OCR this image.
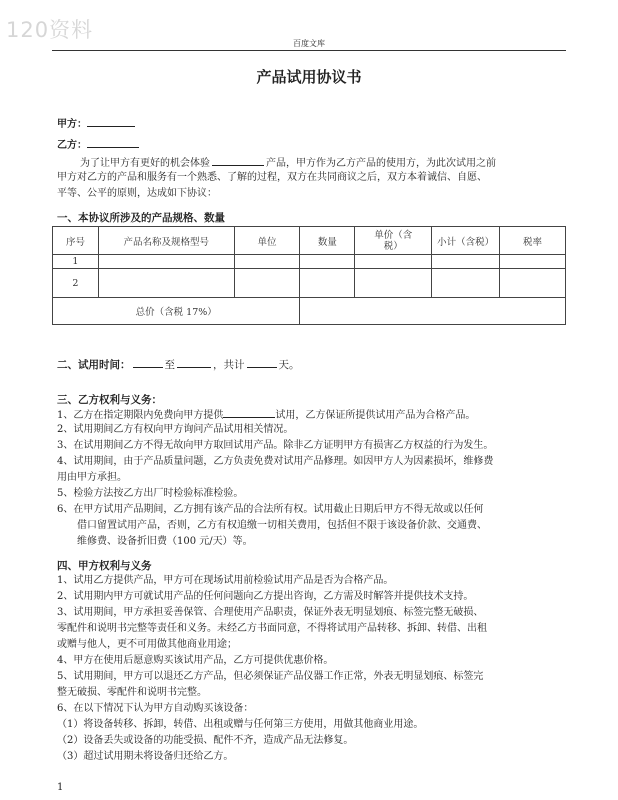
120资料
百度文库
产品试用协议书
甲方：
乙方：
为了让甲方有更好的机会体验	产品，甲方作为乙方产品的使用方，为此次试用之前
甲方对乙方的产品和服务有一个熟悉、了解的过程，双方在共同商议之后，双方本着诚信、自愿、
平等、公平的原则，达成如下协议：
一、本协议所涉及的产品规格、数量
序号	产品名称及规格型号	单位	数量	单价（含
税）	小计（含税）	税率
1						
2						
总价（含税 17%）						
二、试用时间：	至	，共计	天。
三、乙方权利与义务：
1、乙方在指定期限内免费向甲方提供	试用，乙方保证所提供试用产品为合格产品。
2、试用期间乙方有权向甲方询问产品试用相关情况。
3、在试用期间乙方不得无故向甲方取回试用产品。除非乙方证明甲方有损害乙方权益的行为发生。
4、试用期间，由于产品质量问题，乙方负责免费对试用产品修理。如因甲方人为因素损坏，维修费
用由甲方承担。
5、检验方法按乙方出厂时检验标准检验。
6、在甲方试用产品期间，乙方拥有该产品的合法所有权。试用截止日期后甲方不得无故或以任何
借口留置试用产品，否则，乙方有权追缴一切相关费用，包括但不限于该设备价款、交通费、
维修费、设备折旧费（100 元/天）等。
四、甲方权利与义务
1、试用乙方提供产品，甲方可在现场试用前检验试用产品是否为合格产品。
2、试用期内甲方可就试用产品的任何问题向乙方提出咨询，乙方需及时解答并提供技术支持。
3、试用期间，甲方承担妥善保管、合理使用产品职责，保证外表无明显划痕、标签完整无破损、
零配件和说明书完整等责任和义务。未经乙方书面同意，不得将试用产品转移、拆卸、转借、出租
或赠与他人，更不可用做其他商业用途；
4、甲方在使用后愿意购买该试用产品，乙方可提供优惠价格。
5、试用期间，甲方可以退还乙方产品，但必须保证产品仪器工作正常，外表无明显划痕、标签完
整无破损、零配件和说明书完整。
6、在以下情况下认为甲方自动购买该设备：
（1）将设备转移、拆卸，转借、出租或赠与任何第三方使用，用做其他商业用途。
（2）设备丢失或设备的功能受损、配件不齐，造成产品无法修复。
（3）超过试用期未将设备归还给乙方。
1
